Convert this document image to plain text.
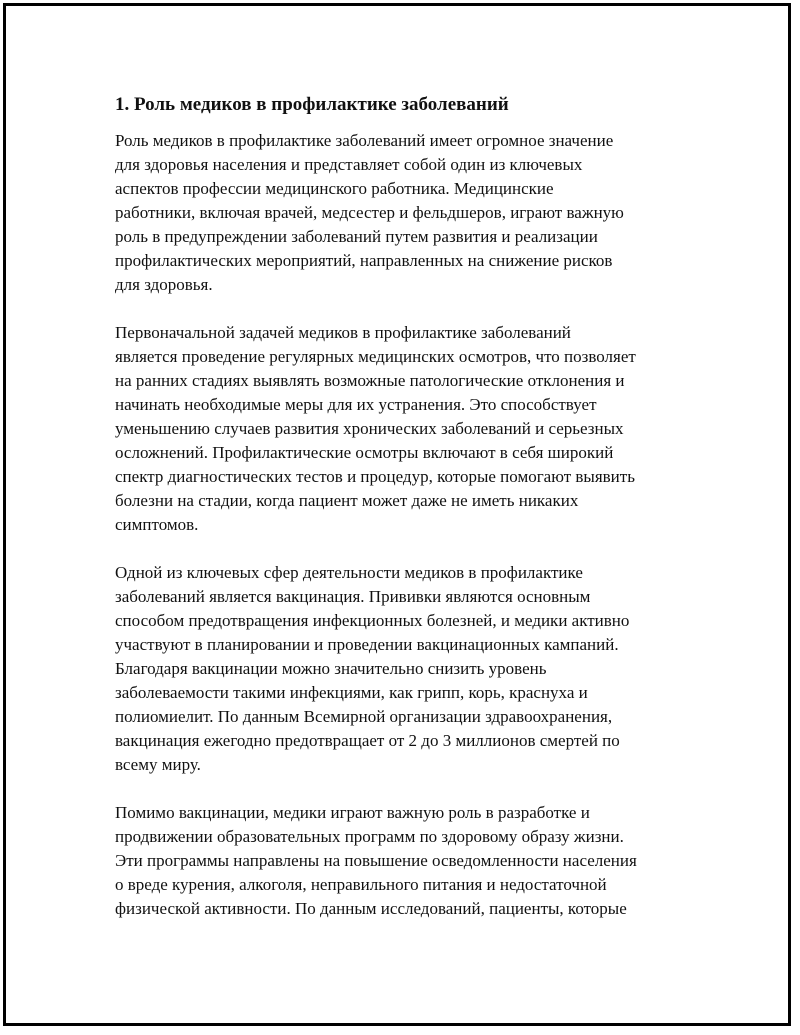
1. Роль медиков в профилактике заболеваний
Роль медиков в профилактике заболеваний имеет огромное значение
для здоровья населения и представляет собой один из ключевых
аспектов профессии медицинского работника. Медицинские
работники, включая врачей, медсестер и фельдшеров, играют важную
роль в предупреждении заболеваний путем развития и реализации
профилактических мероприятий, направленных на снижение рисков
для здоровья.
Первоначальной задачей медиков в профилактике заболеваний
является проведение регулярных медицинских осмотров, что позволяет
на ранних стадиях выявлять возможные патологические отклонения и
начинать необходимые меры для их устранения. Это способствует
уменьшению случаев развития хронических заболеваний и серьезных
осложнений. Профилактические осмотры включают в себя широкий
спектр диагностических тестов и процедур, которые помогают выявить
болезни на стадии, когда пациент может даже не иметь никаких
симптомов.
Одной из ключевых сфер деятельности медиков в профилактике
заболеваний является вакцинация. Прививки являются основным
способом предотвращения инфекционных болезней, и медики активно
участвуют в планировании и проведении вакцинационных кампаний.
Благодаря вакцинации можно значительно снизить уровень
заболеваемости такими инфекциями, как грипп, корь, краснуха и
полиомиелит. По данным Всемирной организации здравоохранения,
вакцинация ежегодно предотвращает от 2 до 3 миллионов смертей по
всему миру.
Помимо вакцинации, медики играют важную роль в разработке и
продвижении образовательных программ по здоровому образу жизни.
Эти программы направлены на повышение осведомленности населения
о вреде курения, алкоголя, неправильного питания и недостаточной
физической активности. По данным исследований, пациенты, которые
